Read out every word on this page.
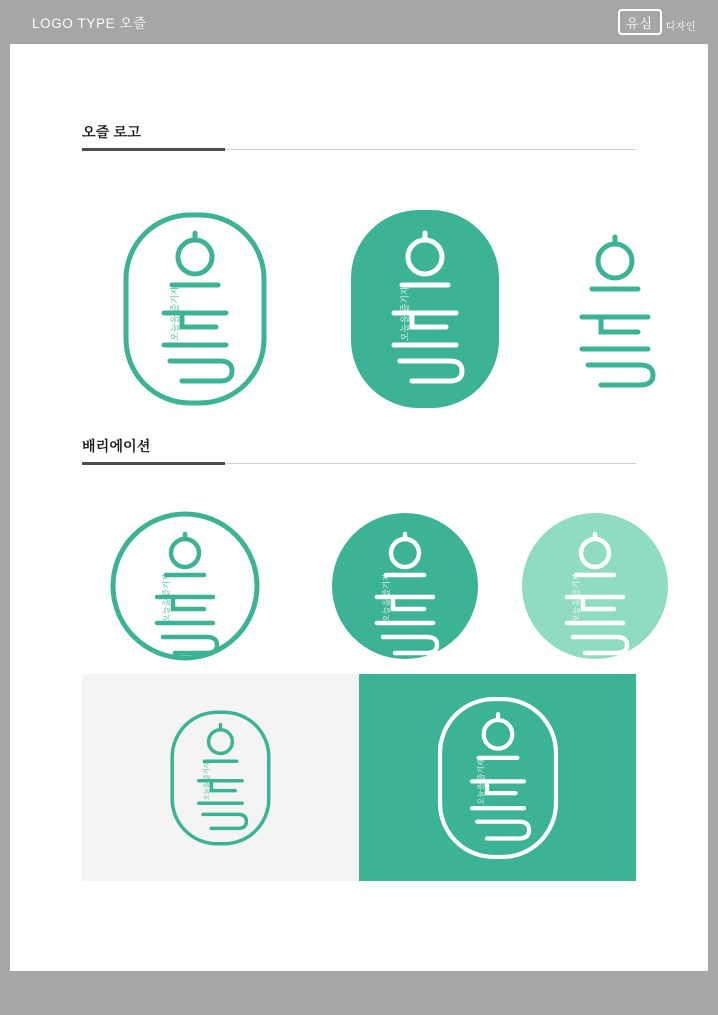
LOGO TYPE 오즐	유심	디자인
오즐 로고
오늘을 즐기자	오늘을 즐기자
배리에이션
오늘을 즐기자	오늘을 즐기자	오늘을 즐기자
오늘을 즐기자	오늘을 즐기자
